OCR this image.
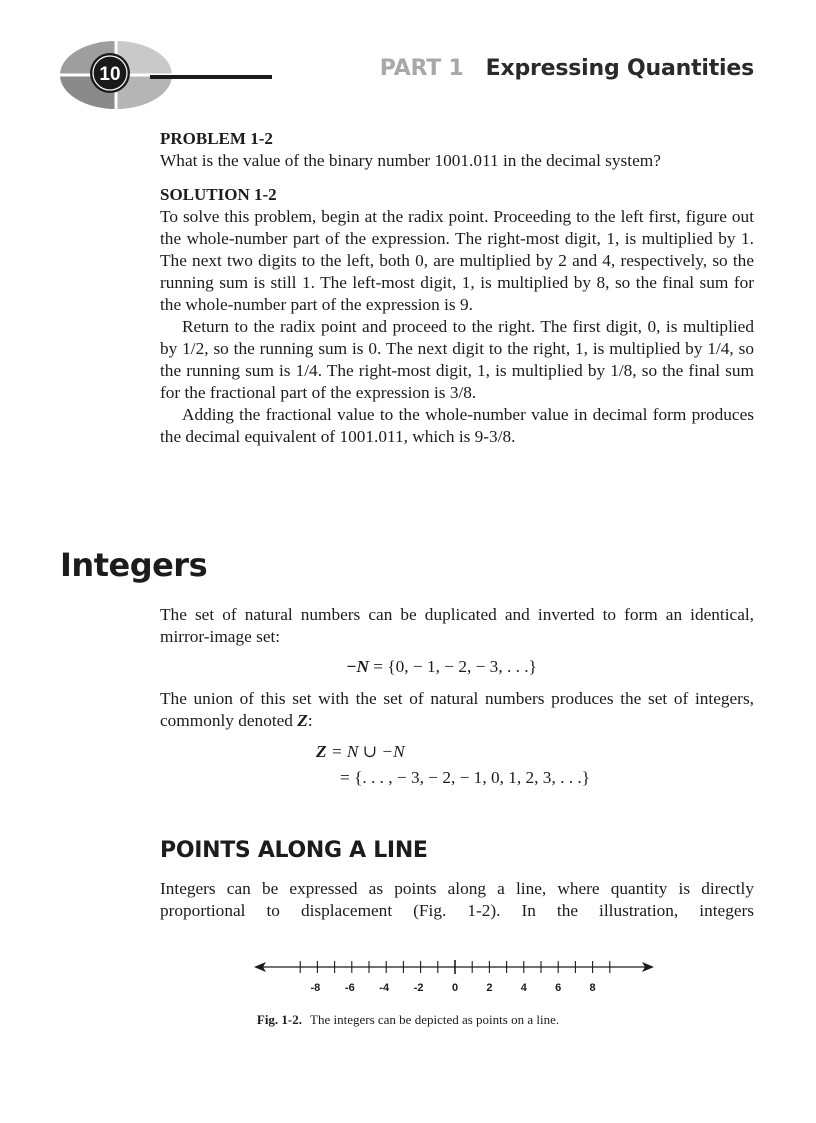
10	PART 1 Expressing Quantities

PROBLEM 1-2

What is the value of the binary number 1001.011 in the decimal system?

SOLUTION 1-2

To solve this problem, begin at the radix point. Proceeding to the left first, figure out the whole-number part of the expression. The right-most digit, 1, is multiplied by 1. The next two digits to the left, both 0, are multiplied by 2 and 4, respectively, so the running sum is still 1. The left-most digit, 1, is multiplied by 8, so the final sum for the whole-number part of the expression is 9.

Return to the radix point and proceed to the right. The first digit, 0, is multiplied by 1/2, so the running sum is 0. The next digit to the right, 1, is multiplied by 1/4, so the running sum is 1/4. The right-most digit, 1, is multiplied by 1/8, so the final sum for the fractional part of the expression is 3/8.

Adding the fractional value to the whole-number value in decimal form produces the decimal equivalent of 1001.011, which is 9-3/8.

Integers

The set of natural numbers can be duplicated and inverted to form an identical, mirror-image set:

−N = {0, − 1, − 2, − 3, . . .}

The union of this set with the set of natural numbers produces the set of integers, commonly denoted Z:

Z = N ∪ −N
= {. . . , − 3, − 2, − 1, 0, 1, 2, 3, . . .}
POINTS ALONG A LINE

Integers can be expressed as points along a line, where quantity is directly proportional to displacement (Fig. 1-2). In the illustration, integers

-8 -6 -4 -2	0	2	4	6	8
Fig. 1-2. The integers can be depicted as points on a line.
